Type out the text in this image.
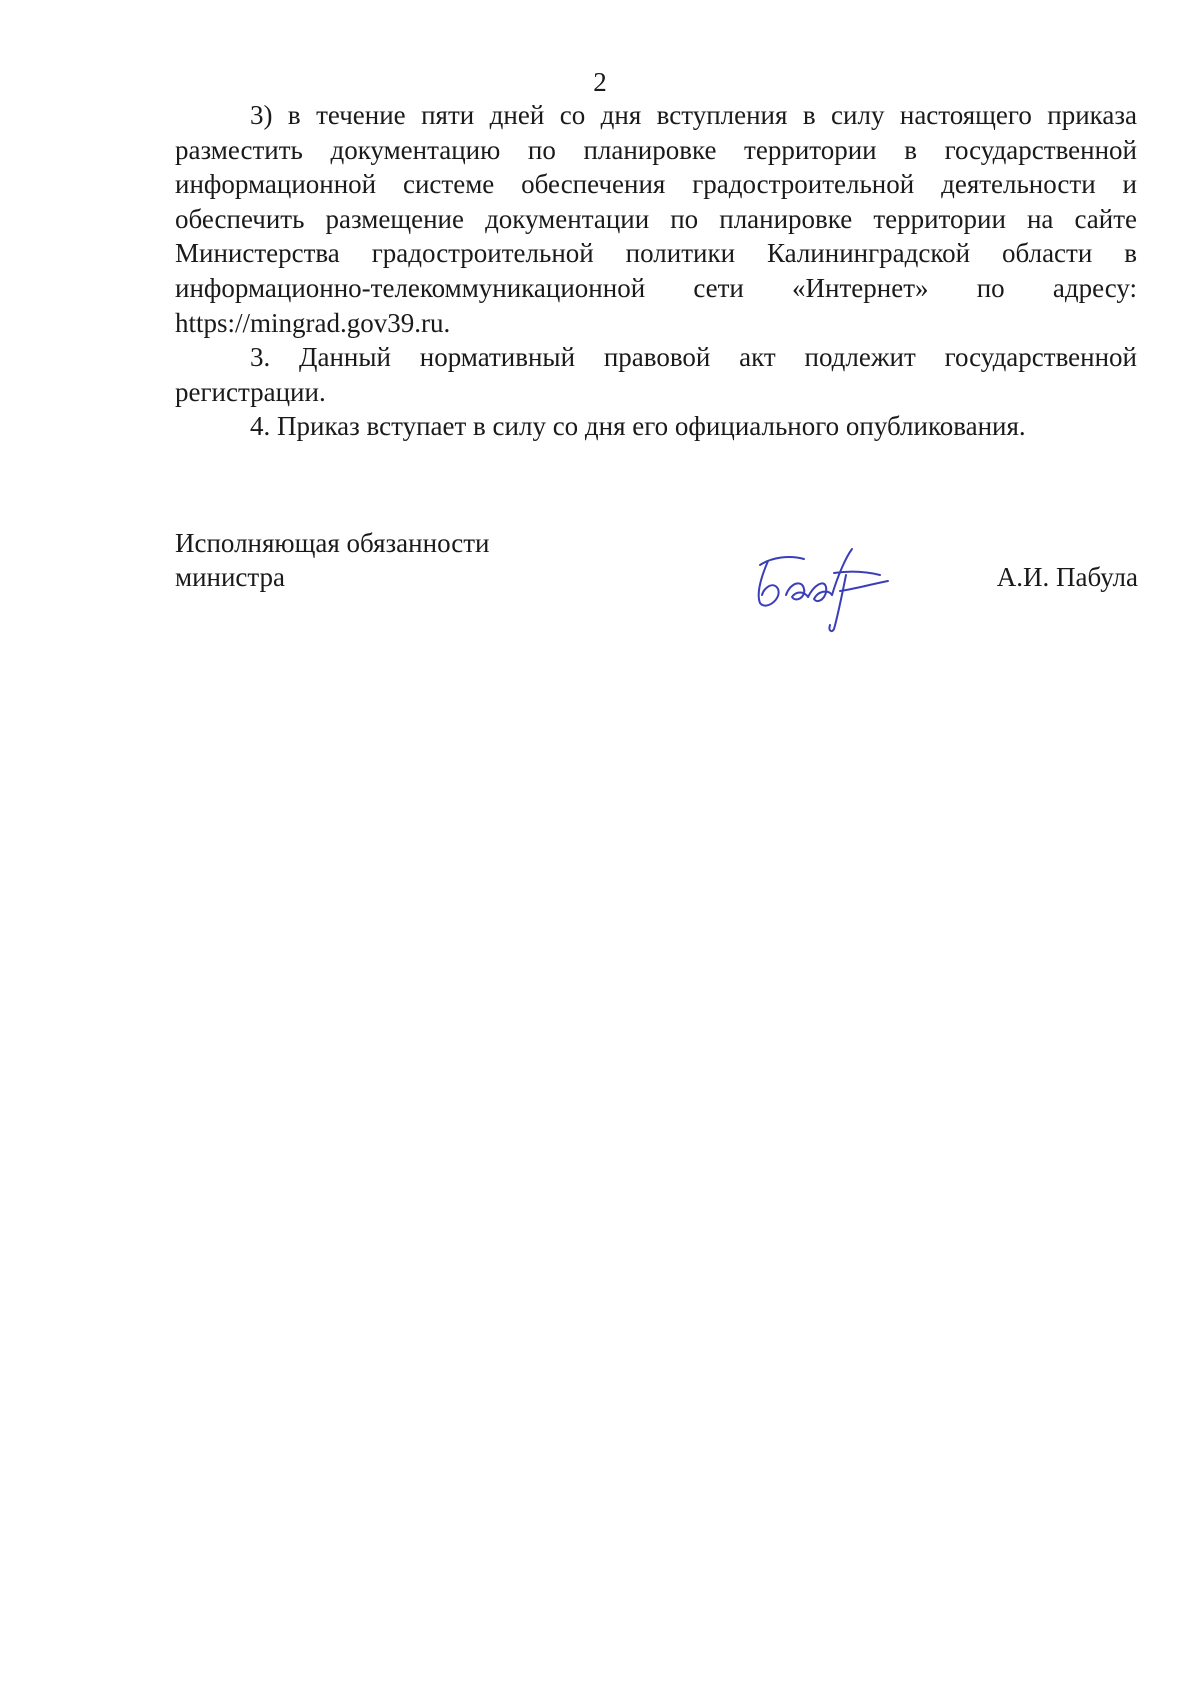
2

3) в течение пяти дней со дня вступления в силу настоящего приказа разместить документацию по планировке территории в государственной информационной системе обеспечения градостроительной деятельности и обеспечить размещение документации по планировке территории на сайте Министерства градостроительной политики Калининградской области в информационно-телекоммуникационной сети «Интернет» по адресу: https://mingrad.gov39.ru.

3. Данный нормативный правовой акт подлежит государственной регистрации.

4. Приказ вступает в силу со дня его официального опубликования.

Исполняющая обязанности
министра	А.И. Пабула
